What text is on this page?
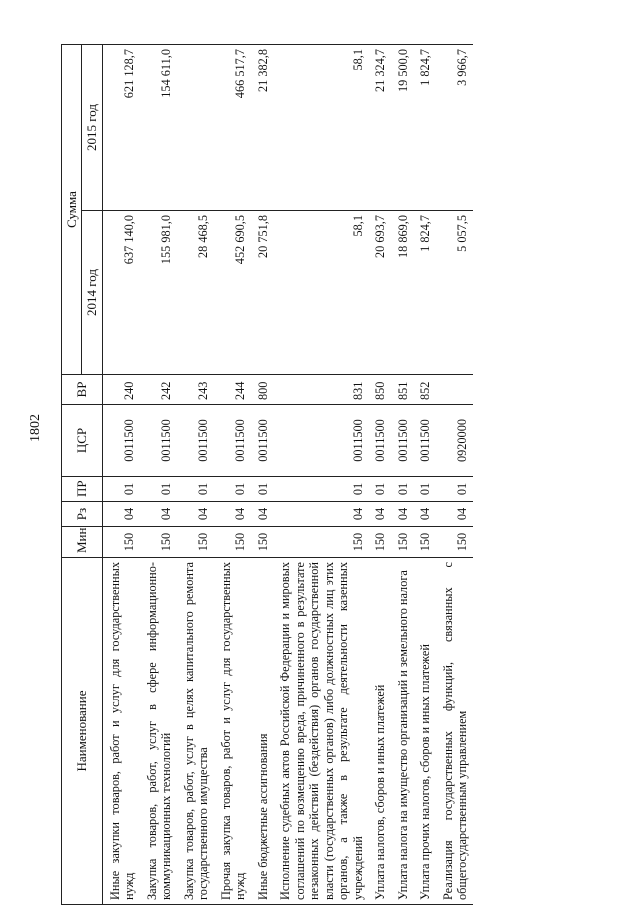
1802
Наименование	Мин	Рз	ПР	ЦСР	ВР	Сумма	
						2014 год	2015 год
Иные закупки товаров, работ и услуг для государственных нужд	150	04	01	0011500	240	637 140,0	621 128,7
Закупка товаров, работ, услуг в сфере информационно-коммуникационных технологий	150	04	01	0011500	242	155 981,0	154 611,0
Закупка товаров, работ, услуг в целях капитального ремонта государственного имущества	150	04	01	0011500	243	28 468,5	
Прочая закупка товаров, работ и услуг для государственных нужд	150	04	01	0011500	244	452 690,5	466 517,7
Иные бюджетные ассигнования	150	04	01	0011500	800	20 751,8	21 382,8
Исполнение судебных актов Российской Федерации и мировых соглашений по возмещению вреда, причиненного в результате незаконных действий (бездействия) органов государственной власти (государственных органов) либо должностных лиц этих органов, а также в результате деятельности казенных учреждений	150	04	01	0011500	831	58,1	58,1
Уплата налогов, сборов и иных платежей	150	04	01	0011500	850	20 693,7	21 324,7
Уплата налога на имущество организаций и земельного налога	150	04	01	0011500	851	18 869,0	19 500,0
Уплата прочих налогов, сборов и иных платежей	150	04	01	0011500	852	1 824,7	1 824,7
Реализация государственных функций, связанных с общегосударственным управлением	150	04	01	0920000		5 057,5	3 966,7
